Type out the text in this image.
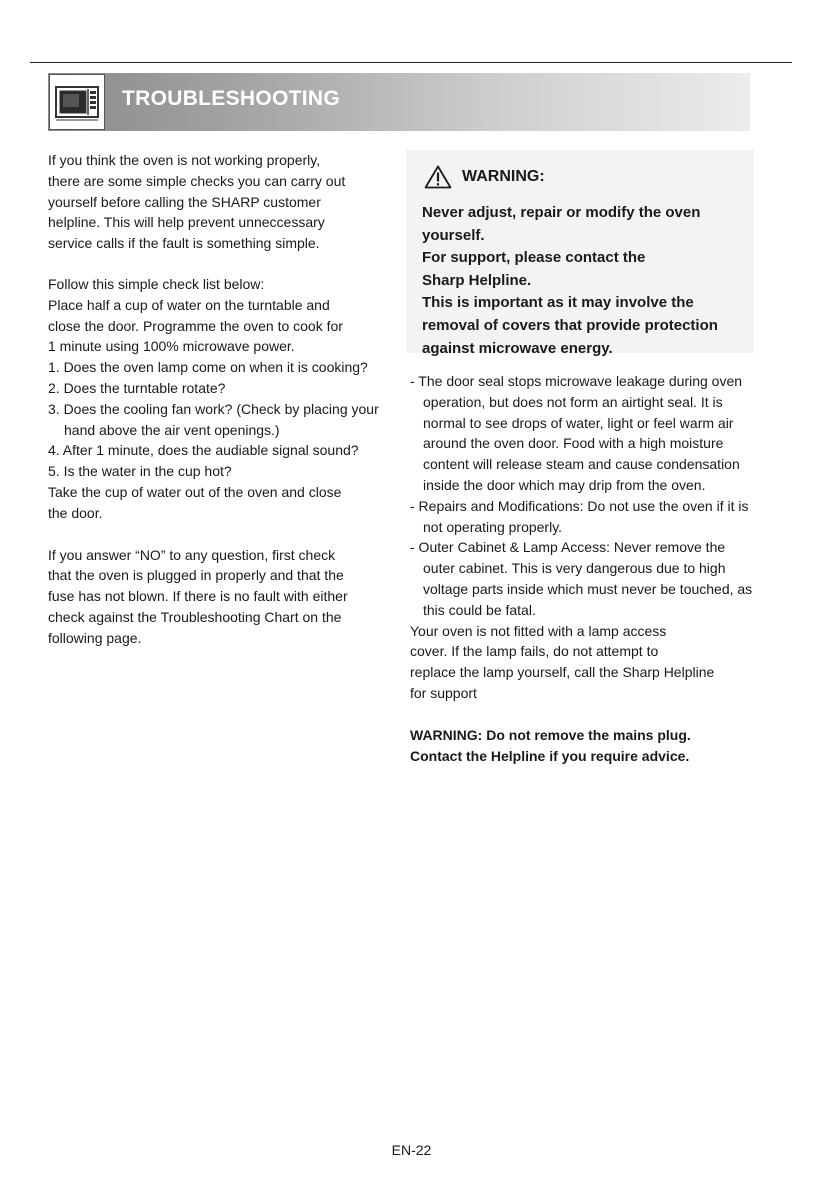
TROUBLESHOOTING

If you think the oven is not working properly,

there are some simple checks you can carry out

yourself before calling the SHARP customer

helpline. This will help prevent unneccessary

service calls if the fault is something simple.

Follow this simple check list below:

Place half a cup of water on the turntable and

close the door. Programme the oven to cook for

1 minute using 100% microwave power.

1. Does the oven lamp come on when it is cooking?

2. Does the turntable rotate?

3. Does the cooling fan work? (Check by placing your hand above the air vent openings.)

4. After 1 minute, does the audiable signal sound?

5. Is the water in the cup hot?

Take the cup of water out of the oven and close

the door.

If you answer “NO” to any question, first check

that the oven is plugged in properly and that the

fuse has not blown. If there is no fault with either

check against the Troubleshooting Chart on the

following page.

WARNING:

Never adjust, repair or modify the oven

yourself.

For support, please contact the

Sharp Helpline.

This is important as it may involve the

removal of covers that provide protection

against microwave energy.

- The door seal stops microwave leakage during oven operation, but does not form an airtight seal. It is normal to see drops of water, light or feel warm air around the oven door. Food with a high moisture content will release steam and cause condensation inside the door which may drip from the oven.

- Repairs and Modifications: Do not use the oven if it is not operating properly.

- Outer Cabinet & Lamp Access: Never remove the outer cabinet. This is very dangerous due to high voltage parts inside which must never be touched, as this could be fatal.

Your oven is not fitted with a lamp access

cover. If the lamp fails, do not attempt to

replace the lamp yourself, call the Sharp Helpline

for support

WARNING: Do not remove the mains plug.

Contact the Helpline if you require advice.

EN-22
